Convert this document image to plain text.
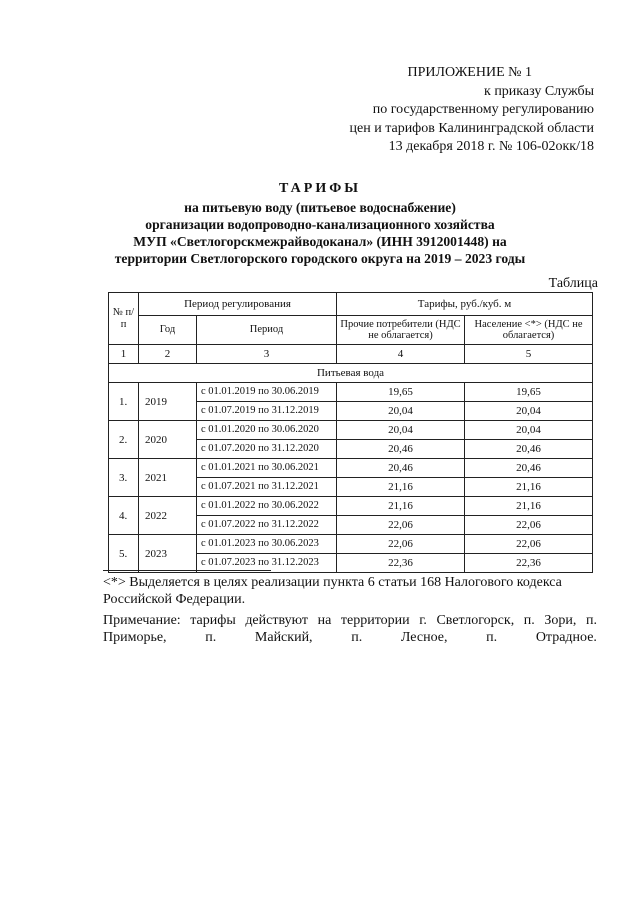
ПРИЛОЖЕНИЕ № 1
к приказу Службы
по государственному регулированию
цен и тарифов Калининградской области
13 декабря 2018 г. № 106-02окк/18
ТАРИФЫ
на питьевую воду (питьевое водоснабжение)
организации водопроводно-канализационного хозяйства
МУП «Светлогорскмежрайводоканал» (ИНН 3912001448) на
территории Светлогорского городского округа на 2019 – 2023 годы
Таблица
№ п/п	Период регулирования		Тарифы, руб./куб. м	
	Год	Период	Прочие потребители (НДС не облагается)	Население <*> (НДС не облагается)
1	2	3	4	5
Питьевая вода				
1.	2019	с 01.01.2019 по 30.06.2019	19,65	19,65
		с 01.07.2019 по 31.12.2019	20,04	20,04
2.	2020	с 01.01.2020 по 30.06.2020	20,04	20,04
		с 01.07.2020 по 31.12.2020	20,46	20,46
3.	2021	с 01.01.2021 по 30.06.2021	20,46	20,46
		с 01.07.2021 по 31.12.2021	21,16	21,16
4.	2022	с 01.01.2022 по 30.06.2022	21,16	21,16
		с 01.07.2022 по 31.12.2022	22,06	22,06
5.	2023	с 01.01.2023 по 30.06.2023	22,06	22,06
		с 01.07.2023 по 31.12.2023	22,36	22,36
<*> Выделяется в целях реализации пункта 6 статьи 168 Налогового кодекса Российской Федерации.
Примечание: тарифы действуют на территории г. Светлогорск, п. Зори, п.
Приморье,	п.	Майский,	п.	Лесное,	п.	Отрадное.
